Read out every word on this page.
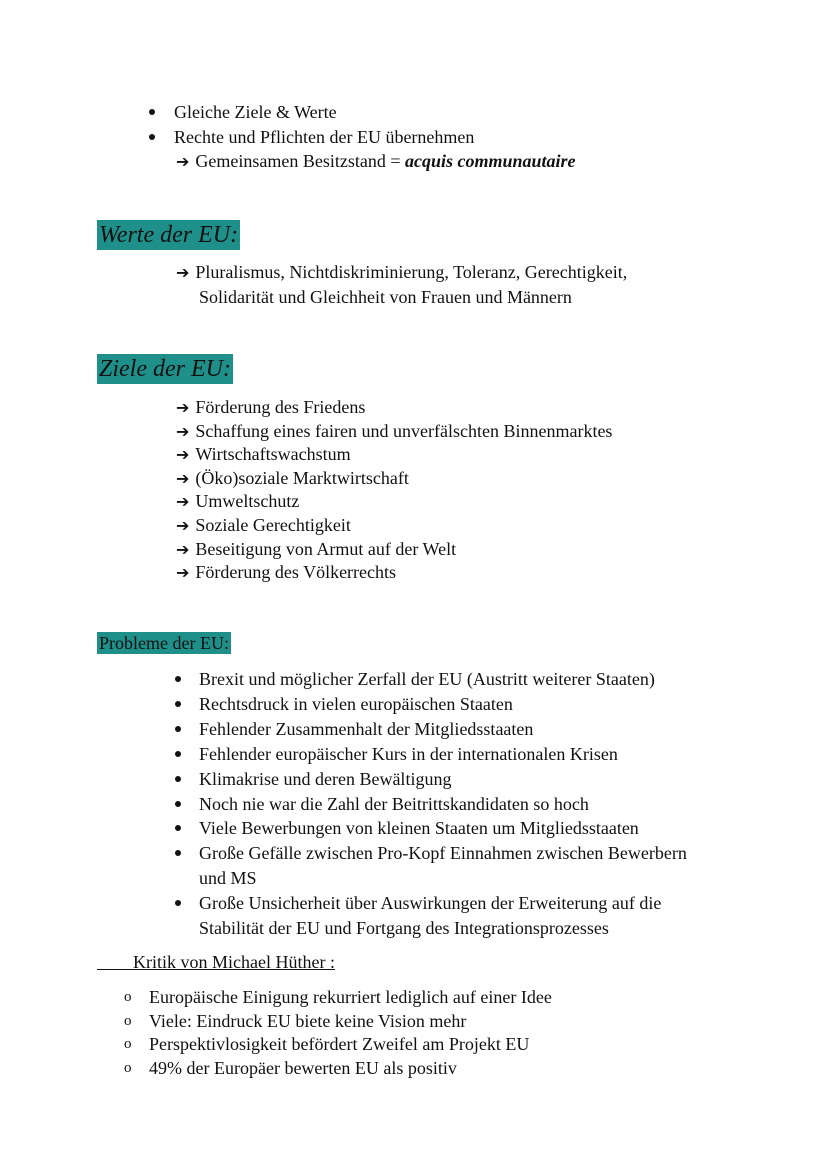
Gleiche Ziele & Werte
Rechte und Pflichten der EU übernehmen
➔ Gemeinsamen Besitzstand = acquis communautaire
Werte der EU:
➔ Pluralismus, Nichtdiskriminierung, Toleranz, Gerechtigkeit,
Solidarität und Gleichheit von Frauen und Männern
Ziele der EU:
➔ Förderung des Friedens
➔ Schaffung eines fairen und unverfälschten Binnenmarktes
➔ Wirtschaftswachstum
➔ (Öko)soziale Marktwirtschaft
➔ Umweltschutz
➔ Soziale Gerechtigkeit
➔ Beseitigung von Armut auf der Welt
➔ Förderung des Völkerrechts
Probleme der EU:
Brexit und möglicher Zerfall der EU (Austritt weiterer Staaten)
Rechtsdruck in vielen europäischen Staaten
Fehlender Zusammenhalt der Mitgliedsstaaten
Fehlender europäischer Kurs in der internationalen Krisen
Klimakrise und deren Bewältigung
Noch nie war die Zahl der Beitrittskandidaten so hoch
Viele Bewerbungen von kleinen Staaten um Mitgliedsstaaten
Große Gefälle zwischen Pro-Kopf Einnahmen zwischen Bewerbern
und MS
Große Unsicherheit über Auswirkungen der Erweiterung auf die
Stabilität der EU und Fortgang des Integrationsprozesses
   Kritik von Michael Hüther :
o Europäische Einigung rekurriert lediglich auf einer Idee
o Viele: Eindruck EU biete keine Vision mehr
o Perspektivlosigkeit befördert Zweifel am Projekt EU
o 49% der Europäer bewerten EU als positiv
